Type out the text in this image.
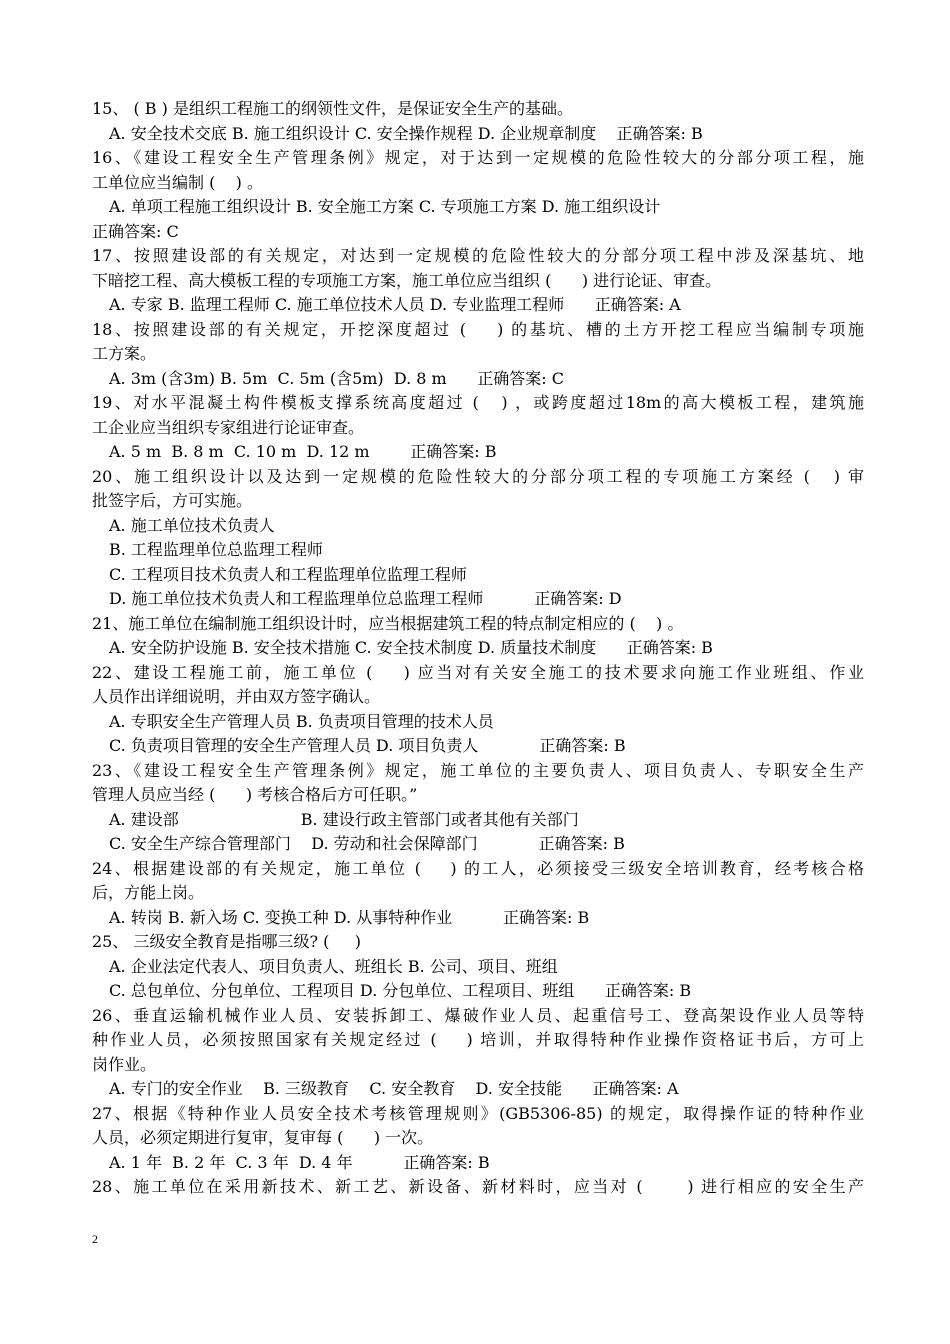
15、 ( B ) 是组织工程施工的纲领性文件，是保证安全生产的基础。
A. 安全技术交底 B. 施工组织设计 C. 安全操作规程 D. 企业规章制度    正确答案: B
16、《建设工程安全生产管理条例》规定，对于达到一定规模的危险性较大的分部分项工程，施
工单位应当编制 (    ) 。
A. 单项工程施工组织设计 B. 安全施工方案 C. 专项施工方案 D. 施工组织设计
正确答案: C
17、按照建设部的有关规定，对达到一定规模的危险性较大的分部分项工程中涉及深基坑、地
下暗挖工程、高大模板工程的专项施工方案，施工单位应当组织 (      ) 进行论证、审查。
A. 专家 B. 监理工程师 C. 施工单位技术人员 D. 专业监理工程师      正确答案: A
18、按照建设部的有关规定，开挖深度超过 (    ) 的基坑、槽的土方开挖工程应当编制专项施
工方案。
A. 3m (含3m) B. 5m  C. 5m (含5m)  D. 8 m      正确答案: C
19、对水平混凝土构件模板支撑系统高度超过 (   ) ，或跨度超过18m的高大模板工程，建筑施
工企业应当组织专家组进行论证审查。
A. 5 m  B. 8 m  C. 10 m  D. 12 m        正确答案: B
20、施工组织设计以及达到一定规模的危险性较大的分部分项工程的专项施工方案经 (   ) 审
批签字后，方可实施。
A. 施工单位技术负责人
B. 工程监理单位总监理工程师
C. 工程项目技术负责人和工程监理单位监理工程师
D. 施工单位技术负责人和工程监理单位总监理工程师          正确答案: D
21、施工单位在编制施工组织设计时，应当根据建筑工程的特点制定相应的 (    ) 。
A. 安全防护设施 B. 安全技术措施 C. 安全技术制度 D. 质量技术制度      正确答案: B
22、建设工程施工前，施工单位 (    ) 应当对有关安全施工的技术要求向施工作业班组、作业
人员作出详细说明，并由双方签字确认。
A. 专职安全生产管理人员 B. 负责项目管理的技术人员
C. 负责项目管理的安全生产管理人员 D. 项目负责人            正确答案: B
23、《建设工程安全生产管理条例》规定，施工单位的主要负责人、项目负责人、专职安全生产
管理人员应当经 (      ) 考核合格后方可任职。”
A. 建设部                        B. 建设行政主管部门或者其他有关部门
C. 安全生产综合管理部门    D. 劳动和社会保障部门            正确答案: B
24、根据建设部的有关规定，施工单位 (    ) 的工人，必须接受三级安全培训教育，经考核合格
后，方能上岗。
A. 转岗 B. 新入场 C. 变换工种 D. 从事特种作业          正确答案: B
25、 三级安全教育是指哪三级? (     )
A. 企业法定代表人、项目负责人、班组长 B. 公司、项目、班组
C. 总包单位、分包单位、工程项目 D. 分包单位、工程项目、班组      正确答案: B
26、垂直运输机械作业人员、安装拆卸工、爆破作业人员、起重信号工、登高架设作业人员等特
种作业人员，必须按照国家有关规定经过 (    ) 培训，并取得特种作业操作资格证书后，方可上
岗作业。
A. 专门的安全作业    B. 三级教育    C. 安全教育    D. 安全技能      正确答案: A
27、根据《特种作业人员安全技术考核管理规则》(GB5306-85) 的规定，取得操作证的特种作业
人员，必须定期进行复审，复审每 (      ) 一次。
A. 1 年  B. 2 年  C. 3 年  D. 4 年          正确答案: B
28、施工单位在采用新技术、新工艺、新设备、新材料时，应当对 (      ) 进行相应的安全生产
2
